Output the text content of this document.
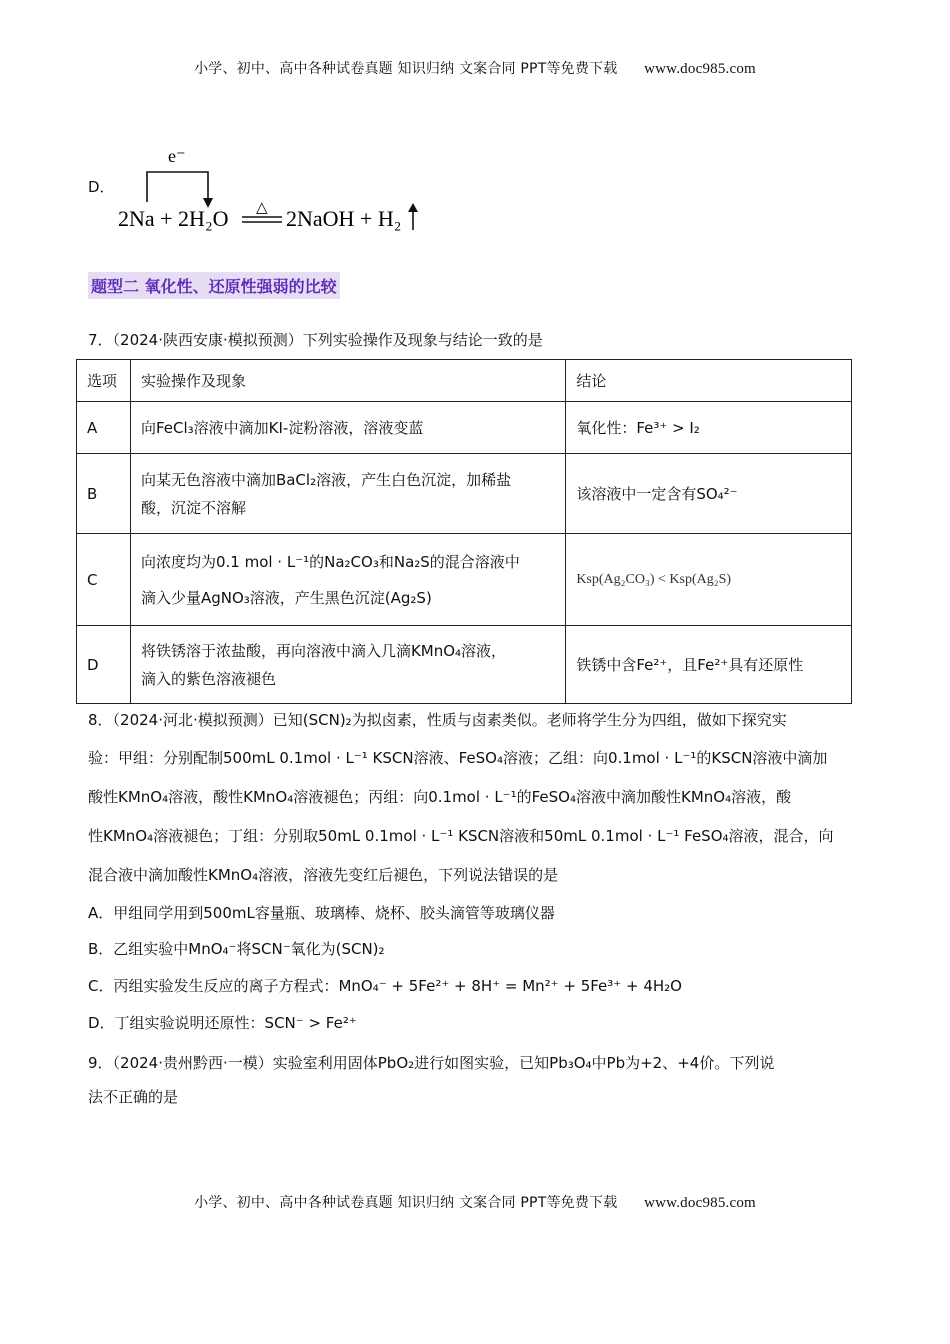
小学、初中、高中各种试卷真题 知识归纳 文案合同 PPT等免费下载 www.doc985.com
D．
e⁻
2Na + 2H₂O △ 2NaOH + H₂
题型二 氧化性、还原性强弱的比较
7．（2024·陕西安康·模拟预测）下列实验操作及现象与结论一致的是
选项	实验操作及现象	结论
A	向FeCl₃溶液中滴加KI-淀粉溶液，溶液变蓝	氧化性：Fe³⁺ > I₂
B	向某无色溶液中滴加BaCl₂溶液，产生白色沉淀，加稀盐
酸，沉淀不溶解	该溶液中一定含有SO₄²⁻
C	向浓度均为0.1 mol · L⁻¹的Na₂CO₃和Na₂S的混合溶液中
滴入少量AgNO₃溶液，产生黑色沉淀(Ag₂S)	Ksp(Ag₂CO₃) < Ksp(Ag₂S)
D	将铁锈溶于浓盐酸，再向溶液中滴入几滴KMnO₄溶液，
滴入的紫色溶液褪色	铁锈中含Fe²⁺，且Fe²⁺具有还原性
8．（2024·河北·模拟预测）已知(SCN)₂为拟卤素，性质与卤素类似。老师将学生分为四组，做如下探究实
验：甲组：分别配制500mL 0.1mol · L⁻¹ KSCN溶液、FeSO₄溶液；乙组：向0.1mol · L⁻¹的KSCN溶液中滴加
酸性KMnO₄溶液，酸性KMnO₄溶液褪色；丙组：向0.1mol · L⁻¹的FeSO₄溶液中滴加酸性KMnO₄溶液，酸
性KMnO₄溶液褪色；丁组：分别取50mL 0.1mol · L⁻¹ KSCN溶液和50mL 0.1mol · L⁻¹ FeSO₄溶液，混合，向
混合液中滴加酸性KMnO₄溶液，溶液先变红后褪色，下列说法错误的是
A．甲组同学用到500mL容量瓶、玻璃棒、烧杯、胶头滴管等玻璃仪器
B．乙组实验中MnO₄⁻将SCN⁻氧化为(SCN)₂
C．丙组实验发生反应的离子方程式：MnO₄⁻ + 5Fe²⁺ + 8H⁺ = Mn²⁺ + 5Fe³⁺ + 4H₂O
D．丁组实验说明还原性：SCN⁻ > Fe²⁺
9．（2024·贵州黔西·一模）实验室利用固体PbO₂进行如图实验，已知Pb₃O₄中Pb为+2、+4价。下列说
法不正确的是
小学、初中、高中各种试卷真题 知识归纳 文案合同 PPT等免费下载 www.doc985.com
